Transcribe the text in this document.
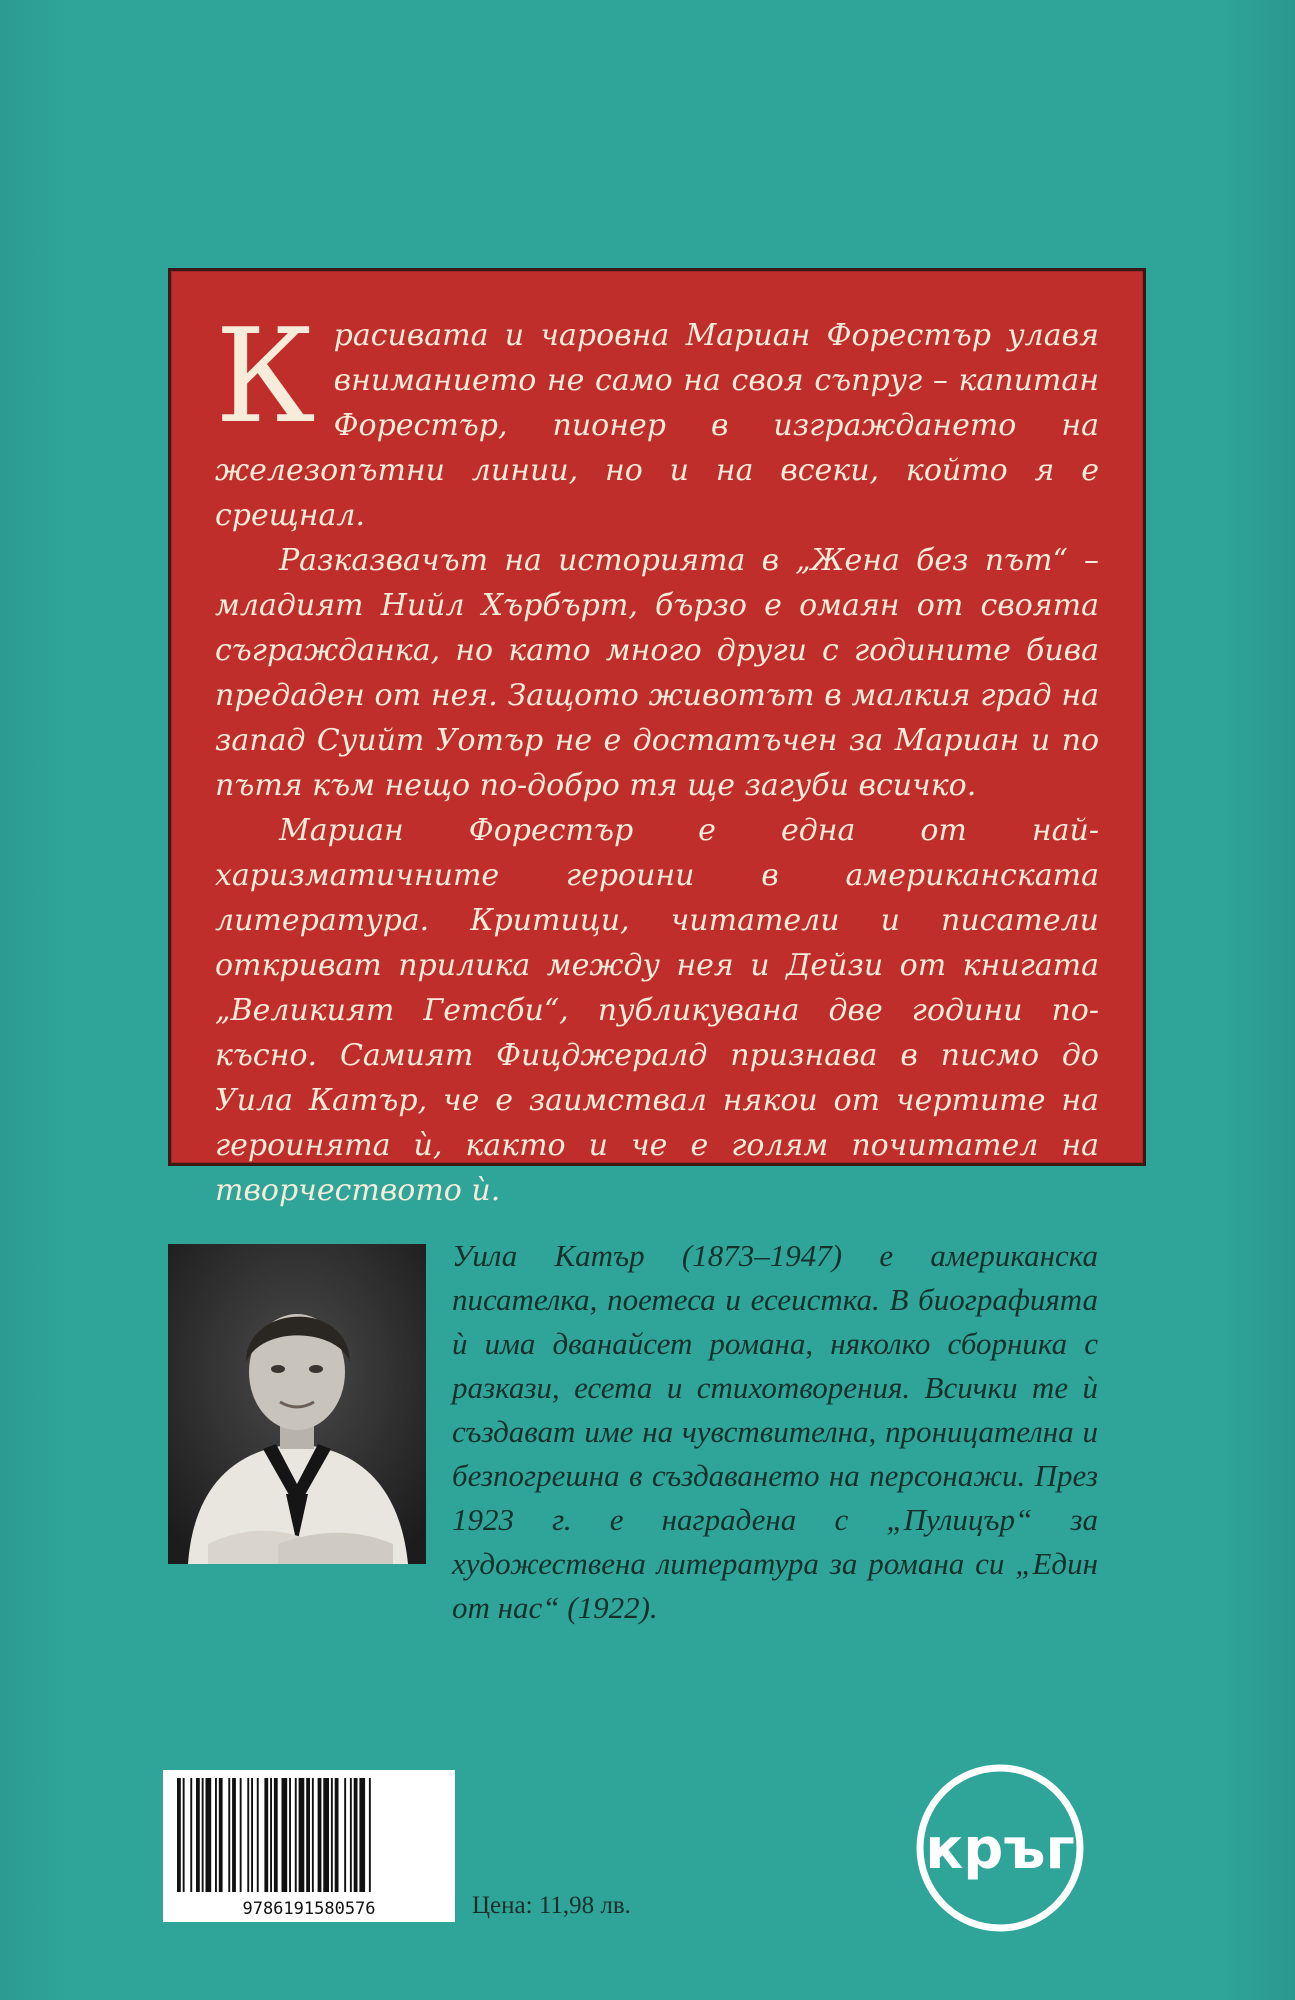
Красивата и чаровна Мариан Форестър улавя вниманието не само на своя съпруг – капитан Форестър, пионер в изграждането на железопътни линии, но и на всеки, който я е срещнал.

Разказвачът на историята в „Жена без път“ – младият Нийл Хърбърт, бързо е омаян от своята съгражданка, но като много други с годините бива предаден от нея. Защото животът в малкия град на запад Суийт Уотър не е достатъчен за Мариан и по пътя към нещо по-добро тя ще загуби всичко.

Мариан Форестър е една от най-харизматичните героини в американската литература. Критици, читатели и писатели откриват прилика между нея и Дейзи от книгата „Великият Гетсби“, публикувана две години по-късно. Самият Фицджералд признава в писмо до Уила Катър, че е заимствал някои от чертите на героинята ѝ, както и че е голям почитател на творчеството ѝ.

Уила Катър (1873–1947) е американска писателка, поетеса и есеистка. В биографията ѝ има дванайсет романа, няколко сборника с разкази, есета и стихотворения. Всички те ѝ създават име на чувствителна, проницателна и безпогрешна в създаването на персонажи. През 1923 г. е наградена с „Пулицър“ за художествена литература за романа си „Един от нас“ (1922).

9786191580576	Цена: 11,98 лв.
кръг
